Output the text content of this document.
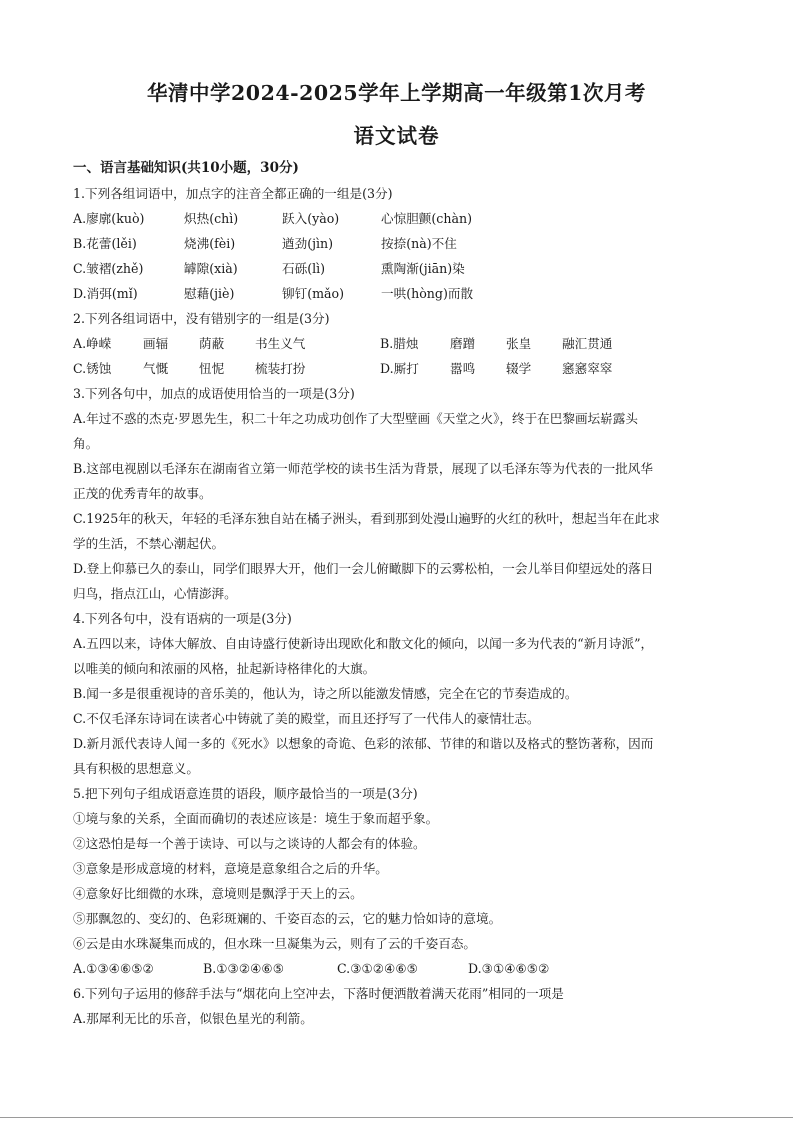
华清中学2024-2025学年上学期高一年级第1次月考
语文试卷
一、语言基础知识(共10小题，30分)
1.下列各组词语中，加点字的注音全都正确的一组是(3分)
A.廖廓(kuò)	炽热(chì)	跃入(yào)	心惊胆颤(chàn)
B.花蕾(lěi)	烧沸(fèi)	遒劲(jìn)	按捺(nà)不住
C.皱褶(zhě)	罅隙(xià)	石砾(lì)	熏陶渐(jiān)染
D.消弭(mǐ)	慰藉(jiè)	铆钉(mǎo)	一哄(hòng)而散
2.下列各组词语中，没有错别字的一组是(3分)
A.峥嵘	画辐	荫蔽	书生义气	B.腊烛	磨蹭	张皇	融汇贯通
C.锈蚀	气慨	忸怩	梳装打扮	D.厮打	嚣鸣	辍学	窸窸窣窣
3.下列各句中，加点的成语使用恰当的一项是(3分)
A.年过不惑的杰克·罗恩先生，积二十年之功成功创作了大型壁画《天堂之火》，终于在巴黎画坛崭露头
角。
B.这部电视剧以毛泽东在湖南省立第一师范学校的读书生活为背景，展现了以毛泽东等为代表的一批风华
正茂的优秀青年的故事。
C.1925年的秋天，年轻的毛泽东独自站在橘子洲头，看到那到处漫山遍野的火红的秋叶，想起当年在此求
学的生活，不禁心潮起伏。
D.登上仰慕已久的泰山，同学们眼界大开，他们一会儿俯瞰脚下的云雾松柏，一会儿举目仰望远处的落日
归鸟，指点江山，心情澎湃。
4.下列各句中，没有语病的一项是(3分)
A.五四以来，诗体大解放、自由诗盛行使新诗出现欧化和散文化的倾向，以闻一多为代表的“新月诗派”，
以唯美的倾向和浓丽的风格，扯起新诗格律化的大旗。
B.闻一多是很重视诗的音乐美的，他认为，诗之所以能激发情感，完全在它的节奏造成的。
C.不仅毛泽东诗词在读者心中铸就了美的殿堂，而且还抒写了一代伟人的豪情壮志。
D.新月派代表诗人闻一多的《死水》以想象的奇诡、色彩的浓郁、节律的和谐以及格式的整饬著称，因而
具有积极的思想意义。
5.把下列句子组成语意连贯的语段，顺序最恰当的一项是(3分)
①境与象的关系，全面而确切的表述应该是：境生于象而超乎象。
②这恐怕是每一个善于读诗、可以与之谈诗的人都会有的体验。
③意象是形成意境的材料，意境是意象组合之后的升华。
④意象好比细微的水珠，意境则是飘浮于天上的云。
⑤那飘忽的、变幻的、色彩斑斓的、千姿百态的云，它的魅力恰如诗的意境。
⑥云是由水珠凝集而成的，但水珠一旦凝集为云，则有了云的千姿百态。
A.①③④⑥⑤②	B.①③②④⑥⑤	C.③①②④⑥⑤	D.③①④⑥⑤②
6.下列句子运用的修辞手法与“烟花向上空冲去，下落时便洒散着满天花雨”相同的一项是
A.那犀利无比的乐音，似银色星光的利箭。
